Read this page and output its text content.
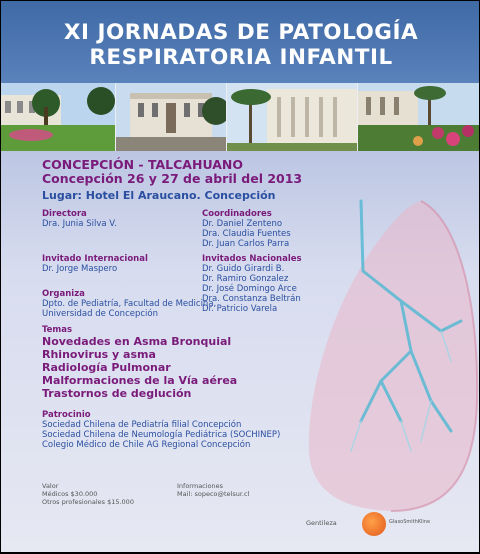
XI JORNADAS DE PATOLOGÍA
RESPIRATORIA INFANTIL
CONCEPCIÓN - TALCAHUANO
Concepción 26 y 27 de abril del 2013
Lugar: Hotel El Araucano. Concepción
Directora
Dra. Junia Silva V.
Coordinadores
Dr. Daniel Zenteno
Dra. Claudia Fuentes
Dr. Juan Carlos Parra
Invitado Internacional
Dr. Jorge Maspero
Invitados Nacionales
Dr. Guido Girardi B.
Dr. Ramiro Gonzalez
Dr. José Domingo Arce
Dra. Constanza Beltrán
Dr. Patricio Varela
Organiza
Dpto. de Pediatría, Facultad de Medicina,
Universidad de Concepción
Temas
Novedades en Asma Bronquial
Rhinovirus y asma
Radiología Pulmonar
Malformaciones de la Vía aérea
Trastornos de deglución
Patrocinio
Sociedad Chilena de Pediatría filial Concepción
Sociedad Chilena de Neumología Pediátrica (SOCHINEP)
Colegio Médico de Chile AG Regional Concepción
Valor
Médicos $30.000
Otros profesionales $15.000
Informaciones
Mail: sopeco@telsur.cl
Gentileza	GlaxoSmithKline
